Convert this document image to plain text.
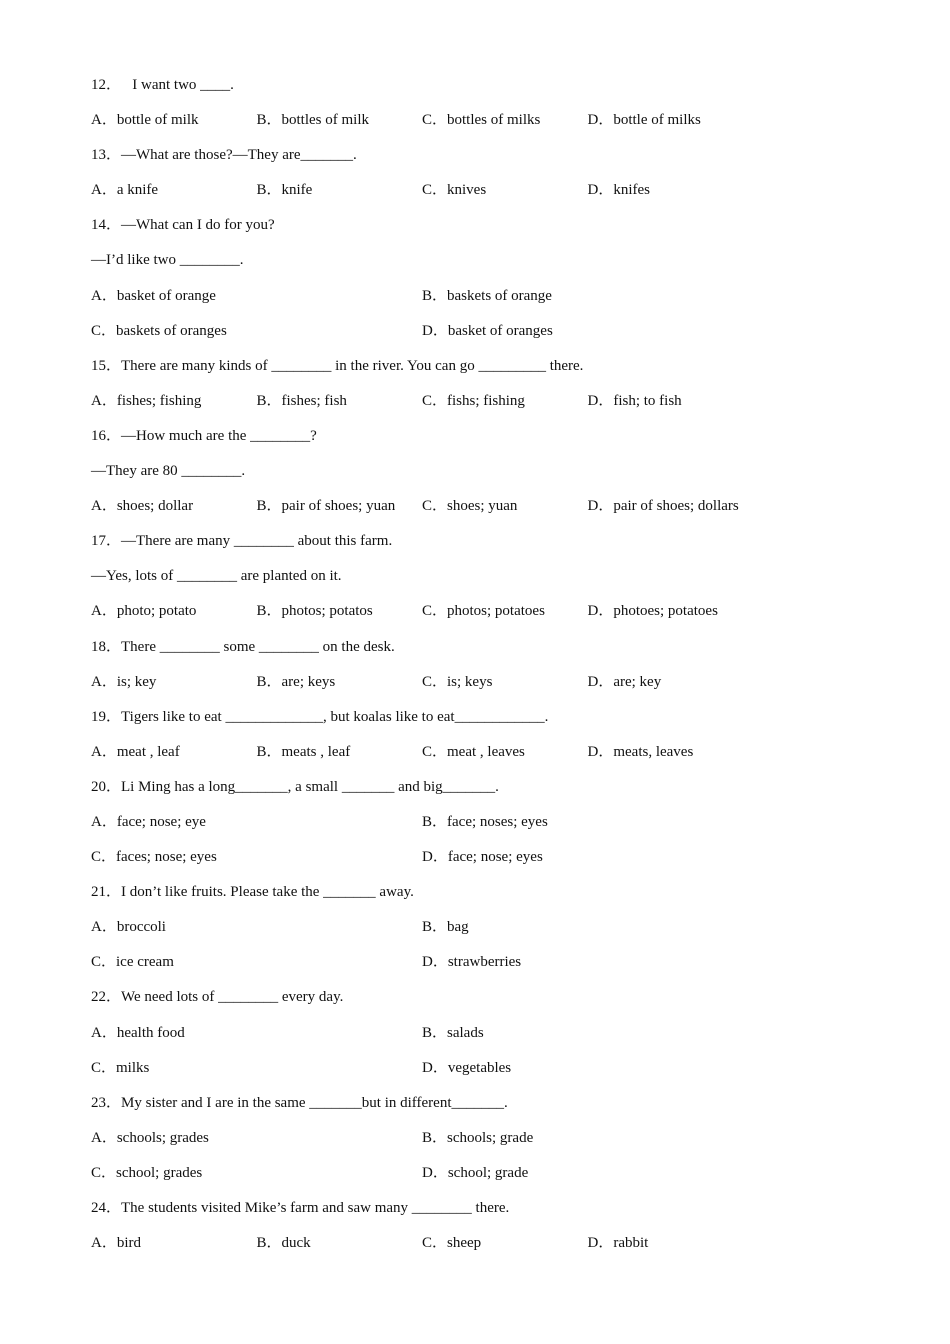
12．   I want two ____.
A．bottle of milk	B．bottles of milk	C．bottles of milks	D．bottle of milks
13．—What are those?—They are_______.
A．a knife	B．knife	C．knives	D．knifes
14．—What can I do for you?
—I’d like two ________.
A．basket of orange	B．baskets of orange
C．baskets of oranges	D．basket of oranges
15．There are many kinds of ________ in the river. You can go _________ there.
A．fishes; fishing	B．fishes; fish	C．fishs; fishing	D．fish; to fish
16．—How much are the ________?
—They are 80 ________.
A．shoes; dollar	B．pair of shoes; yuan	C．shoes; yuan	D．pair of shoes; dollars
17．—There are many ________ about this farm.
—Yes, lots of ________ are planted on it.
A．photo; potato	B．photos; potatos	C．photos; potatoes	D．photoes; potatoes
18．There ________ some ________ on the desk.
A．is; key	B．are; keys	C．is; keys	D．are; key
19．Tigers like to eat _____________, but koalas like to eat____________.
A．meat , leaf	B．meats , leaf	C．meat , leaves	D．meats, leaves
20．Li Ming has a long_______, a small _______ and big_______.
A．face; nose; eye	B．face; noses; eyes
C．faces; nose; eyes	D．face; nose; eyes
21．I don’t like fruits. Please take the _______ away.
A．broccoli	B．bag
C．ice cream	D．strawberries
22．We need lots of ________ every day.
A．health food	B．salads
C．milks	D．vegetables
23．My sister and I are in the same _______but in different_______.
A．schools; grades	B．schools; grade
C．school; grades	D．school; grade
24．The students visited Mike’s farm and saw many ________ there.
A．bird	B．duck	C．sheep	D．rabbit
